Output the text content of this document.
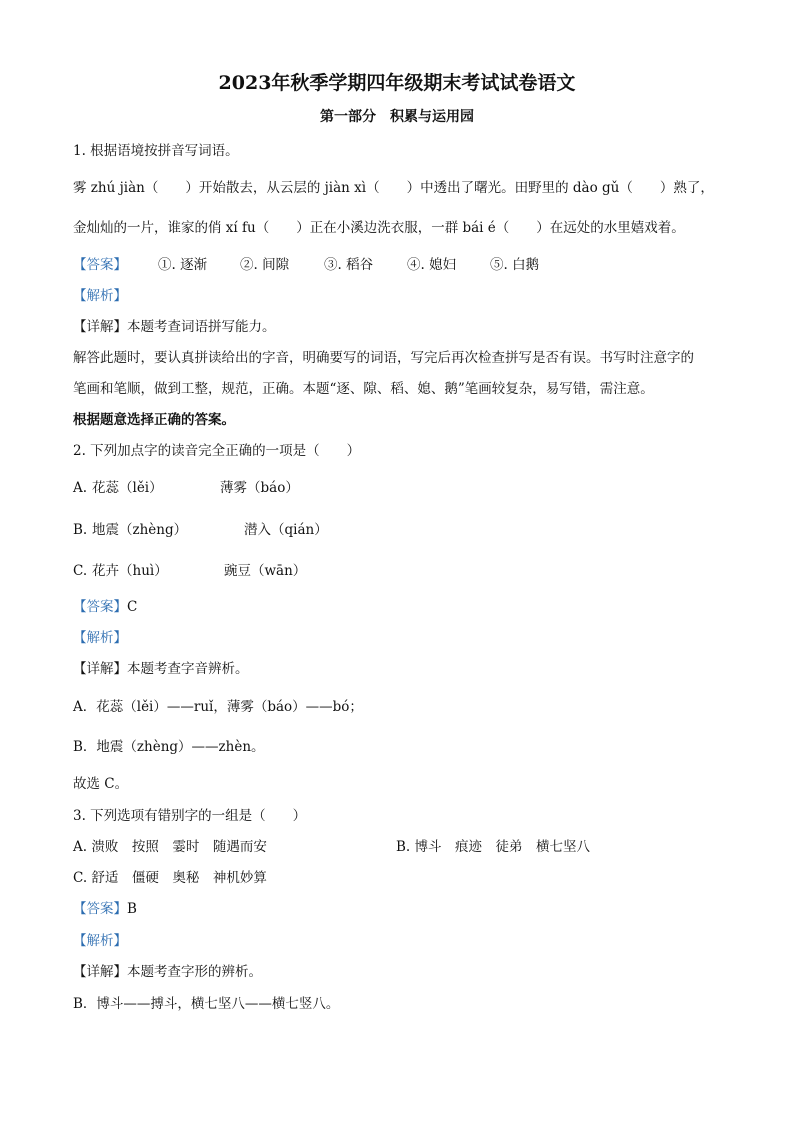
2023年秋季学期四年级期末考试试卷语文
第一部分　积累与运用园
1. 根据语境按拼音写词语。
雾 zhú jiàn（　　）开始散去，从云层的 jiàn xì（　　）中透出了曙光。田野里的 dào gǔ（　　）熟了，
金灿灿的一片，谁家的俏 xí fu（　　）正在小溪边洗衣服，一群 bái é（　　）在远处的水里嬉戏着。
【答案】 ①. 逐渐 ②. 间隙	③. 稻谷	④. 媳妇	⑤. 白鹅
【解析】
【详解】本题考查词语拼写能力。
解答此题时，要认真拼读给出的字音，明确要写的词语，写完后再次检查拼写是否有误。书写时注意字的
笔画和笔顺，做到工整，规范，正确。本题“逐、隙、稻、媳、鹅”笔画较复杂，易写错，需注意。
根据题意选择正确的答案。
2. 下列加点字的读音完全正确的一项是（　　）
A. 花蕊（lěi）	薄雾（báo）
B. 地震（zhèng）	潜入（qián）
C. 花卉（huì）	豌豆（wān）
【答案】C
【解析】
【详解】本题考查字音辨析。
A．花蕊（lěi）——ruǐ，薄雾（báo）——bó；
B．地震（zhèng）——zhèn。
故选 C。
3. 下列选项有错别字的一组是（　　）
A. 溃败　按照　霎时　随遇而安	B. 博斗　痕迹　徒弟　横七坚八
C. 舒适　僵硬　奥秘　神机妙算
【答案】B
【解析】
【详解】本题考查字形的辨析。
B．博斗——搏斗，横七坚八——横七竖八。
